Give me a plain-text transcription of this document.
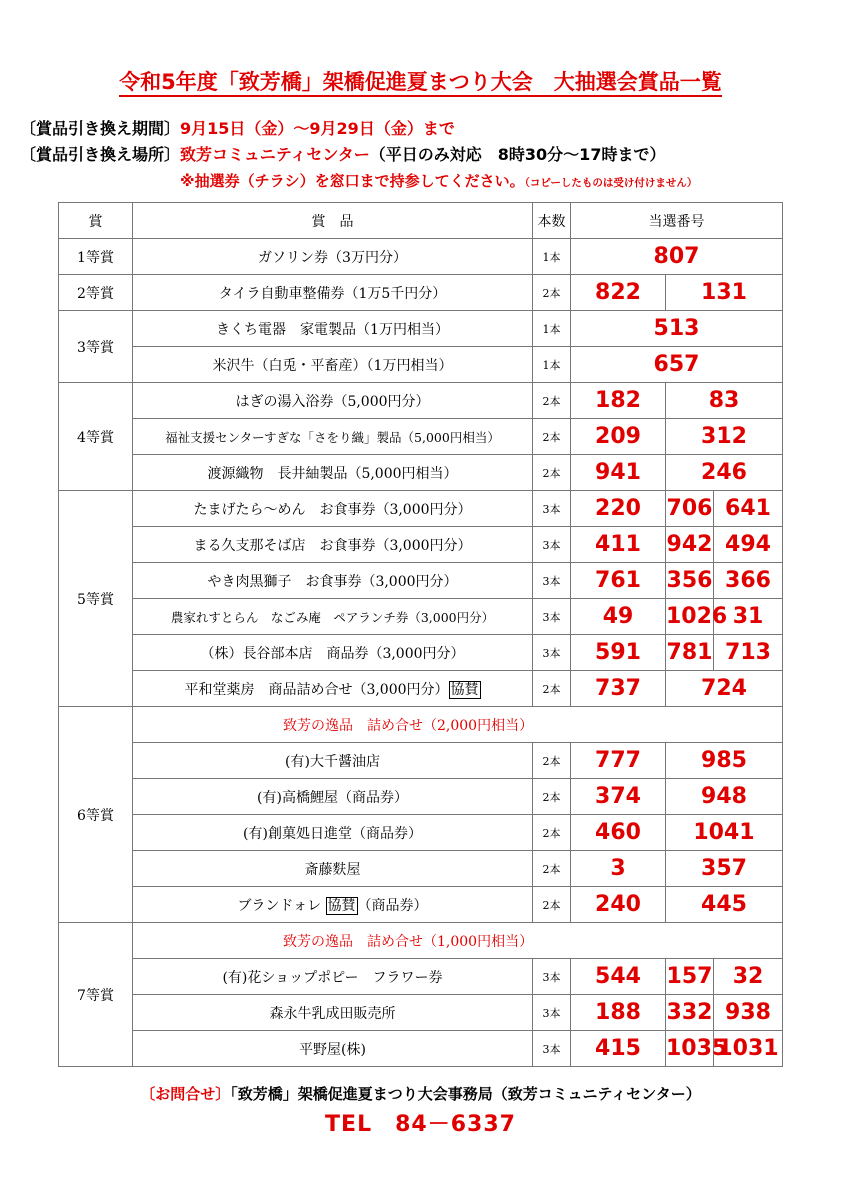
令和5年度「致芳橋」架橋促進夏まつり大会　大抽選会賞品一覧
〔賞品引き換え期間〕9月15日（金）～9月29日（金）まで
〔賞品引き換え場所〕致芳コミュニティセンター（平日のみ対応　8時30分～17時まで）
※抽選券（チラシ）を窓口まで持参してください。（コピーしたものは受け付けません）
賞	賞　品	本数	当選番号		
1等賞	ガソリン券（3万円分）	1本	807		
2等賞	タイラ自動車整備券（1万5千円分）	2本	822	131	
3等賞	きくち電器　家電製品（1万円相当）	1本	513		
	米沢牛（白兎・平畜産）（1万円相当）	1本	657		
4等賞	はぎの湯入浴券（5,000円分）	2本	182	83	
	福祉支援センターすぎな「さをり織」製品（5,000円相当）	2本	209	312	
	渡源織物　長井紬製品（5,000円相当）	2本	941	246	
5等賞	たまげたら～めん　お食事券（3,000円分）	3本	220	706	641
	まる久支那そば店　お食事券（3,000円分）	3本	411	942	494
	やき肉黒獅子　お食事券（3,000円分）	3本	761	356	366
	農家れすとらん　なごみ庵　ペアランチ券（3,000円分）	3本	49	1026	31
	（株）長谷部本店　商品券（3,000円分）	3本	591	781	713
	平和堂薬房　商品詰め合せ（3,000円分） 協賛	2本	737	724	
6等賞	致芳の逸品　詰め合せ（2,000円相当）				
	(有)大千醤油店	2本	777	985	
	(有)高橋鯉屋（商品券）	2本	374	948	
	(有)創菓処日進堂（商品券）	2本	460	1041	
	斎藤麩屋	2本	3	357	
	ブランドォレ 協賛 （商品券）	2本	240	445	
7等賞	致芳の逸品　詰め合せ（1,000円相当）				
	(有)花ショップポピー　フラワー券	3本	544	157	32
	森永牛乳成田販売所	3本	188	332	938
	平野屋(株)	3本	415	1035	1031
〔お問合せ〕「致芳橋」架橋促進夏まつり大会事務局（致芳コミュニティセンター）
TEL　84－6337
